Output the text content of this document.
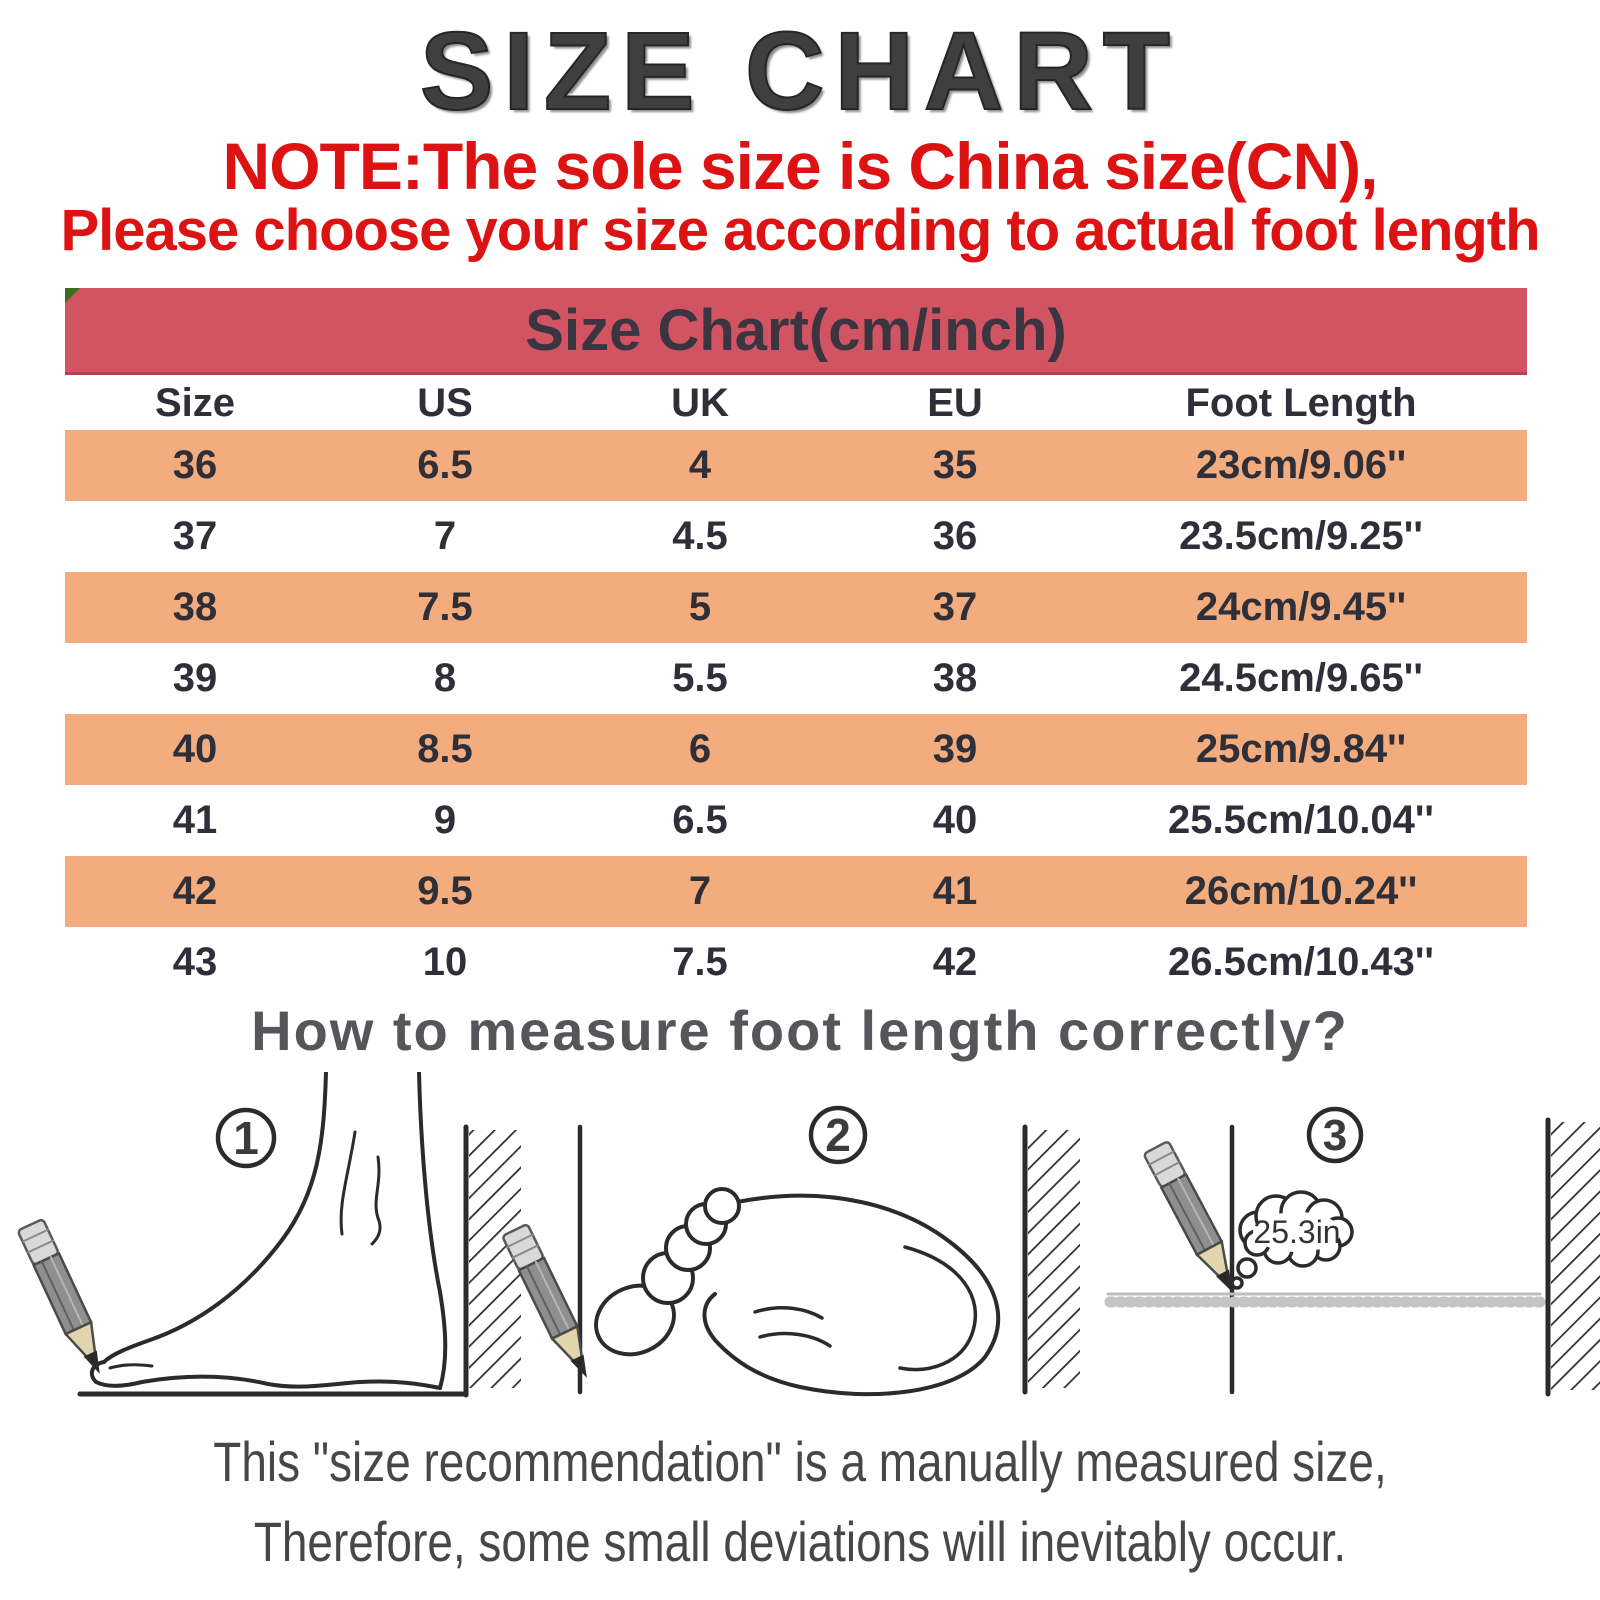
SIZE CHART
NOTE:The sole size is China size(CN),
Please choose your size according to actual foot length
Size Chart(cm/inch)
Size	US	UK	EU	Foot Length
36	6.5	4	35	23cm/9.06''
37	7	4.5	36	23.5cm/9.25''
38	7.5	5	37	24cm/9.45''
39	8	5.5	38	24.5cm/9.65''
40	8.5	6	39	25cm/9.84''
41	9	6.5	40	25.5cm/10.04''
42	9.5	7	41	26cm/10.24''
43	10	7.5	42	26.5cm/10.43''
How to measure foot length correctly?
1	2
25.3in
3
This "size recommendation" is a manually measured size,
Therefore, some small deviations will inevitably occur.
